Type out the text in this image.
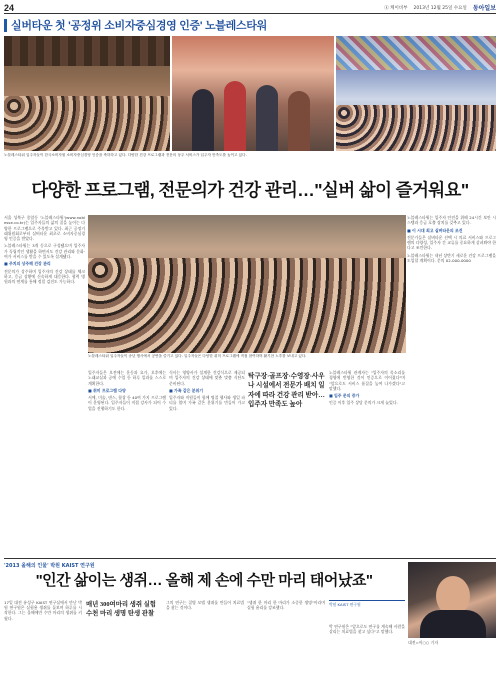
24	ⓚ 케이비부 2013년 12월 25일 수요일 동아일보
실버타운 첫 '공정위 소비자중심경영 인증' 노블레스타워
노블레스타워 입주자들이 한국소비자원 소비자중심경영 인증을 축하하고 있다. 다양한 건강 프로그램과 전문의 상주 서비스가 입주자 만족도를 높이고 있다.
다양한 프로그램, 전문의가 건강 관리…"실버 삶이 즐거워요"

서울 성북구 종암동 '노블레스타워'(www.noblesse.co.kr)는 입주자들의 삶의 질을 높이는 다양한 프로그램으로 주목받고 있다. 최근 공정거래위원회로부터 실버타운 최초로 소비자중심경영 인증을 받았다.

노블레스타워는 3개 동으로 구성됐으며 입주자가 독립적인 생활을 하면서도 건강 관리와 문화·여가 서비스를 받을 수 있도록 설계됐다.

■ 주치의 상주해 건강 관리

전문의가 상주하며 입주자의 건강 상태를 체크하고, 응급 상황에 신속하게 대응한다. 협력 병원과의 연계를 통해 정밀 검진도 가능하다.

노블레스타워 입주자들이 송년 행사에서 공연을 즐기고 있다. 입주자들은 다양한 취미 프로그램에 직접 참여하며 활기찬 노후를 보내고 있다.

입주자들은 오전에는 운동과 요가, 오후에는 노래교실과 공예 수업 등 하루 일과를 스스로 계획한다.

■ 취미 프로그램 다양

서예, 미술, 댄스, 합창 등 40여 가지 프로그램이 운영된다. 입주자들이 직접 강사가 되어 수업을 진행하기도 한다.

식사는 영양사가 설계한 건강식으로 제공되며 입주자의 건강 상태에 맞춘 맞춤 식단도 준비된다.

■ 가족 같은 분위기

입주자와 직원들이 함께 명절 행사와 생일 파티를 열며 가족 같은 분위기를 만들어 가고 있다.

탁구장·골프장·수영장·사우나 시설에서 전문가 배치 일자에 따라 건강 관리 받아… 입주자 만족도 높아

노블레스타워 관계자는 "입주자의 목소리를 경영에 반영한 것이 인증으로 이어졌다"며 "앞으로도 서비스 품질을 높여 나가겠다"고 말했다.

■ 입주 문의 증가

인증 이후 입주 상담 문의가 크게 늘었다.

노블레스타워는 입주자 안전을 위해 24시간 보안 시스템과 응급 호출 장치를 갖추고 있다.

■ 이 시대 최고 실버타운의 조건

전문가들은 실버타운 선택 시 의료 서비스와 프로그램의 다양성, 입주자 간 교류를 중요하게 살펴봐야 한다고 조언한다.

노블레스타워는 내년 상반기 새로운 건강 프로그램을 도입할 계획이다. 문의 02-000-0000

'2013 올해의 인물' 박원 KAIST 연구원
"인간 삶이는 생쥐… 올해 제 손에 수만 마리 태어났죠"
17일 대전 유성구 KAIST 연구실에서 만난 박원 연구원은 실험용 생쥐를 돌보며 하루를 시작한다. 그는 올해에만 수만 마리의 생쥐를 키웠다.
매년 300여마리 생쥐 실험 수천 마리 생명 탄생 관찰
그의 연구는 질병 모델 생쥐를 만들어 치료법을 찾는 것이다.
"생쥐 한 마리 한 마리가 소중한 생명"이라며 실험 윤리를 강조했다.
박 연구원은 "앞으로도 연구를 계속해 사람을 살리는 치료법을 찾고 싶다"고 말했다.
박원 KAIST 연구원
대전=이○○ 기자
